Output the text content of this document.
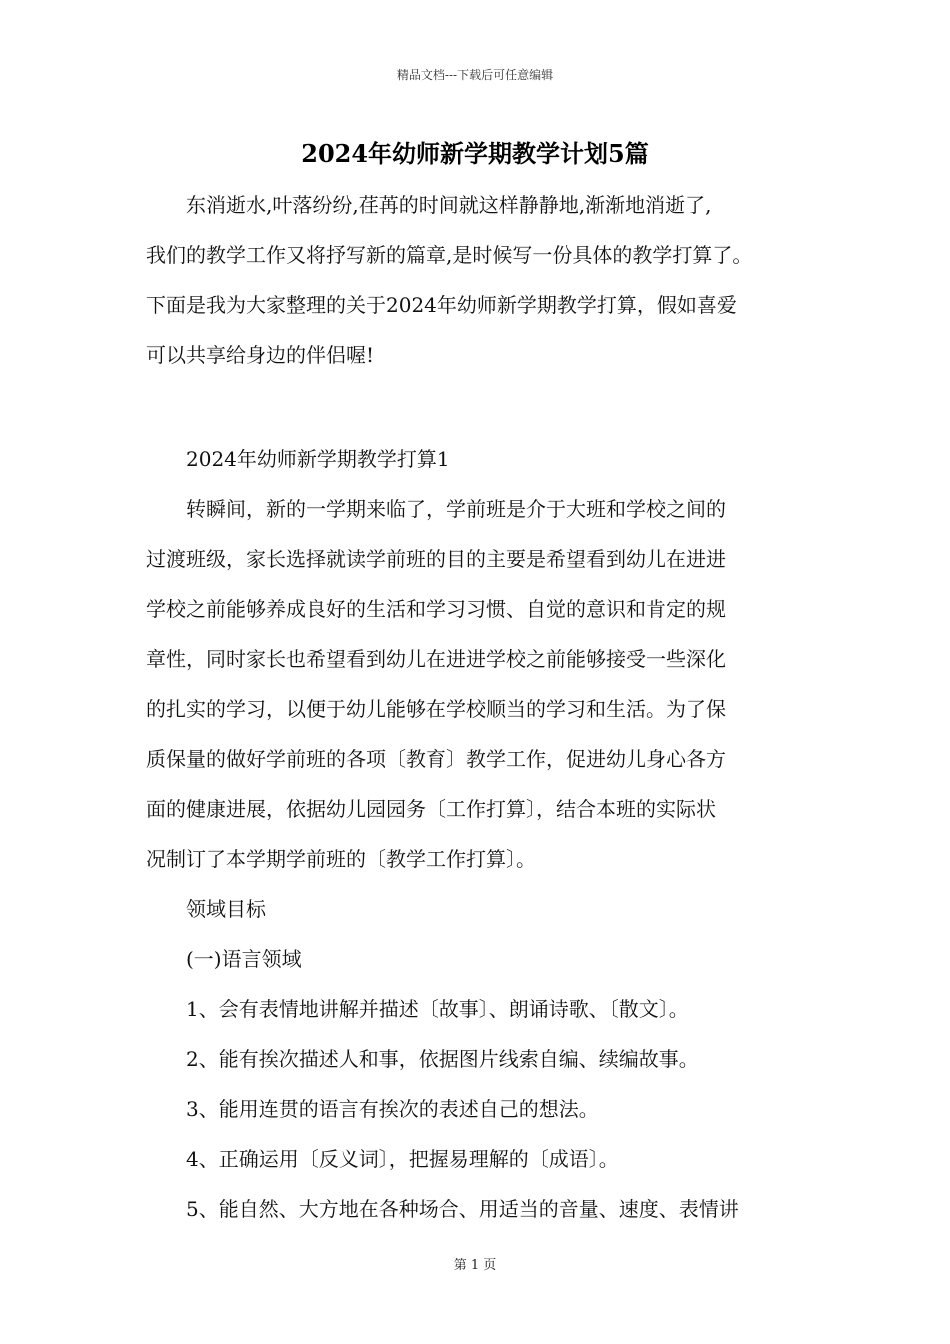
精品文档---下载后可任意编辑
2024年幼师新学期教学计划5篇

东消逝水,叶落纷纷,荏苒的时间就这样静静地,渐渐地消逝了,

我们的教学工作又将抒写新的篇章,是时候写一份具体的教学打算了。
下面是我为大家整理的关于2024年幼师新学期教学打算，假如喜爱
可以共享给身边的伴侣喔!

2024年幼师新学期教学打算1

转瞬间，新的一学期来临了，学前班是介于大班和学校之间的

过渡班级，家长选择就读学前班的目的主要是希望看到幼儿在进进
学校之前能够养成良好的生活和学习习惯、自觉的意识和肯定的规
章性，同时家长也希望看到幼儿在进进学校之前能够接受一些深化
的扎实的学习，以便于幼儿能够在学校顺当的学习和生活。为了保
质保量的做好学前班的各项〔教育〕教学工作，促进幼儿身心各方
面的健康进展，依据幼儿园园务〔工作打算〕，结合本班的实际状
况制订了本学期学前班的〔教学工作打算〕。

领域目标

(一)语言领域

1、会有表情地讲解并描述〔故事〕、朗诵诗歌、〔散文〕。

2、能有挨次描述人和事，依据图片线索自编、续编故事。

3、能用连贯的语言有挨次的表述自己的想法。

4、正确运用〔反义词〕，把握易理解的〔成语〕。

5、能自然、大方地在各种场合、用适当的音量、速度、表情讲

第 1 页
